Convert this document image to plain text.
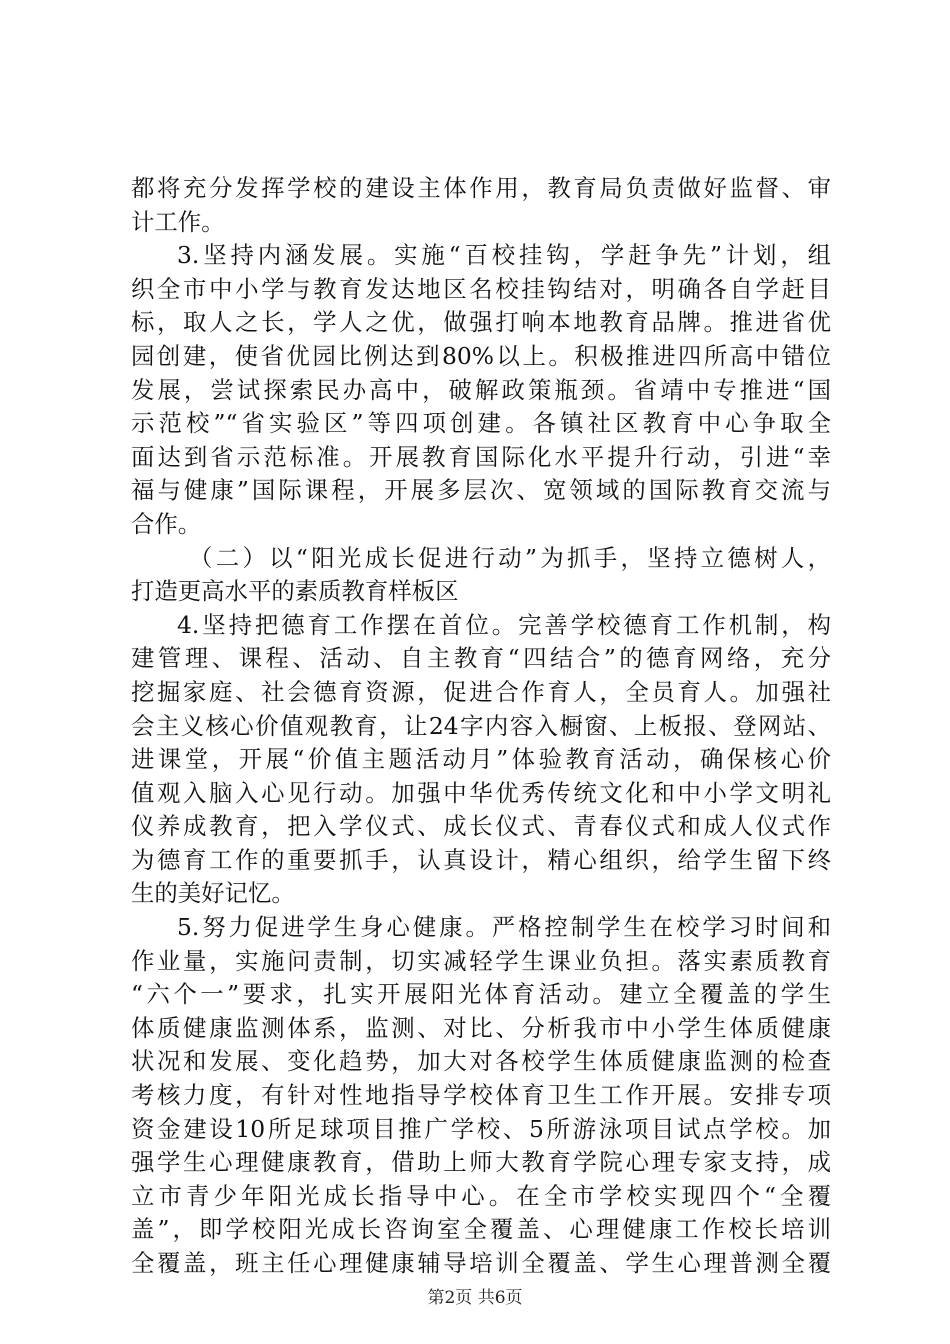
都将充分发挥学校的建设主体作用，教育局负责做好监督、审
计工作。
3.坚持内涵发展。实施“百校挂钩，学赶争先”计划，组
织全市中小学与教育发达地区名校挂钩结对，明确各自学赶目
标，取人之长，学人之优，做强打响本地教育品牌。推进省优
园创建，使省优园比例达到80%以上。积极推进四所高中错位
发展，尝试探索民办高中，破解政策瓶颈。省靖中专推进“国
示范校”“省实验区”等四项创建。各镇社区教育中心争取全
面达到省示范标准。开展教育国际化水平提升行动，引进“幸
福与健康”国际课程，开展多层次、宽领域的国际教育交流与
合作。
（二）以“阳光成长促进行动”为抓手，坚持立德树人，
打造更高水平的素质教育样板区
4.坚持把德育工作摆在首位。完善学校德育工作机制，构
建管理、课程、活动、自主教育“四结合”的德育网络，充分
挖掘家庭、社会德育资源，促进合作育人，全员育人。加强社
会主义核心价值观教育，让24字内容入橱窗、上板报、登网站、
进课堂，开展“价值主题活动月”体验教育活动，确保核心价
值观入脑入心见行动。加强中华优秀传统文化和中小学文明礼
仪养成教育，把入学仪式、成长仪式、青春仪式和成人仪式作
为德育工作的重要抓手，认真设计，精心组织，给学生留下终
生的美好记忆。
5.努力促进学生身心健康。严格控制学生在校学习时间和
作业量，实施问责制，切实减轻学生课业负担。落实素质教育
“六个一”要求，扎实开展阳光体育活动。建立全覆盖的学生
体质健康监测体系，监测、对比、分析我市中小学生体质健康
状况和发展、变化趋势，加大对各校学生体质健康监测的检查
考核力度，有针对性地指导学校体育卫生工作开展。安排专项
资金建设10所足球项目推广学校、5所游泳项目试点学校。加
强学生心理健康教育，借助上师大教育学院心理专家支持，成
立市青少年阳光成长指导中心。在全市学校实现四个“全覆
盖”，即学校阳光成长咨询室全覆盖、心理健康工作校长培训
全覆盖，班主任心理健康辅导培训全覆盖、学生心理普测全覆
第2页 共6页
